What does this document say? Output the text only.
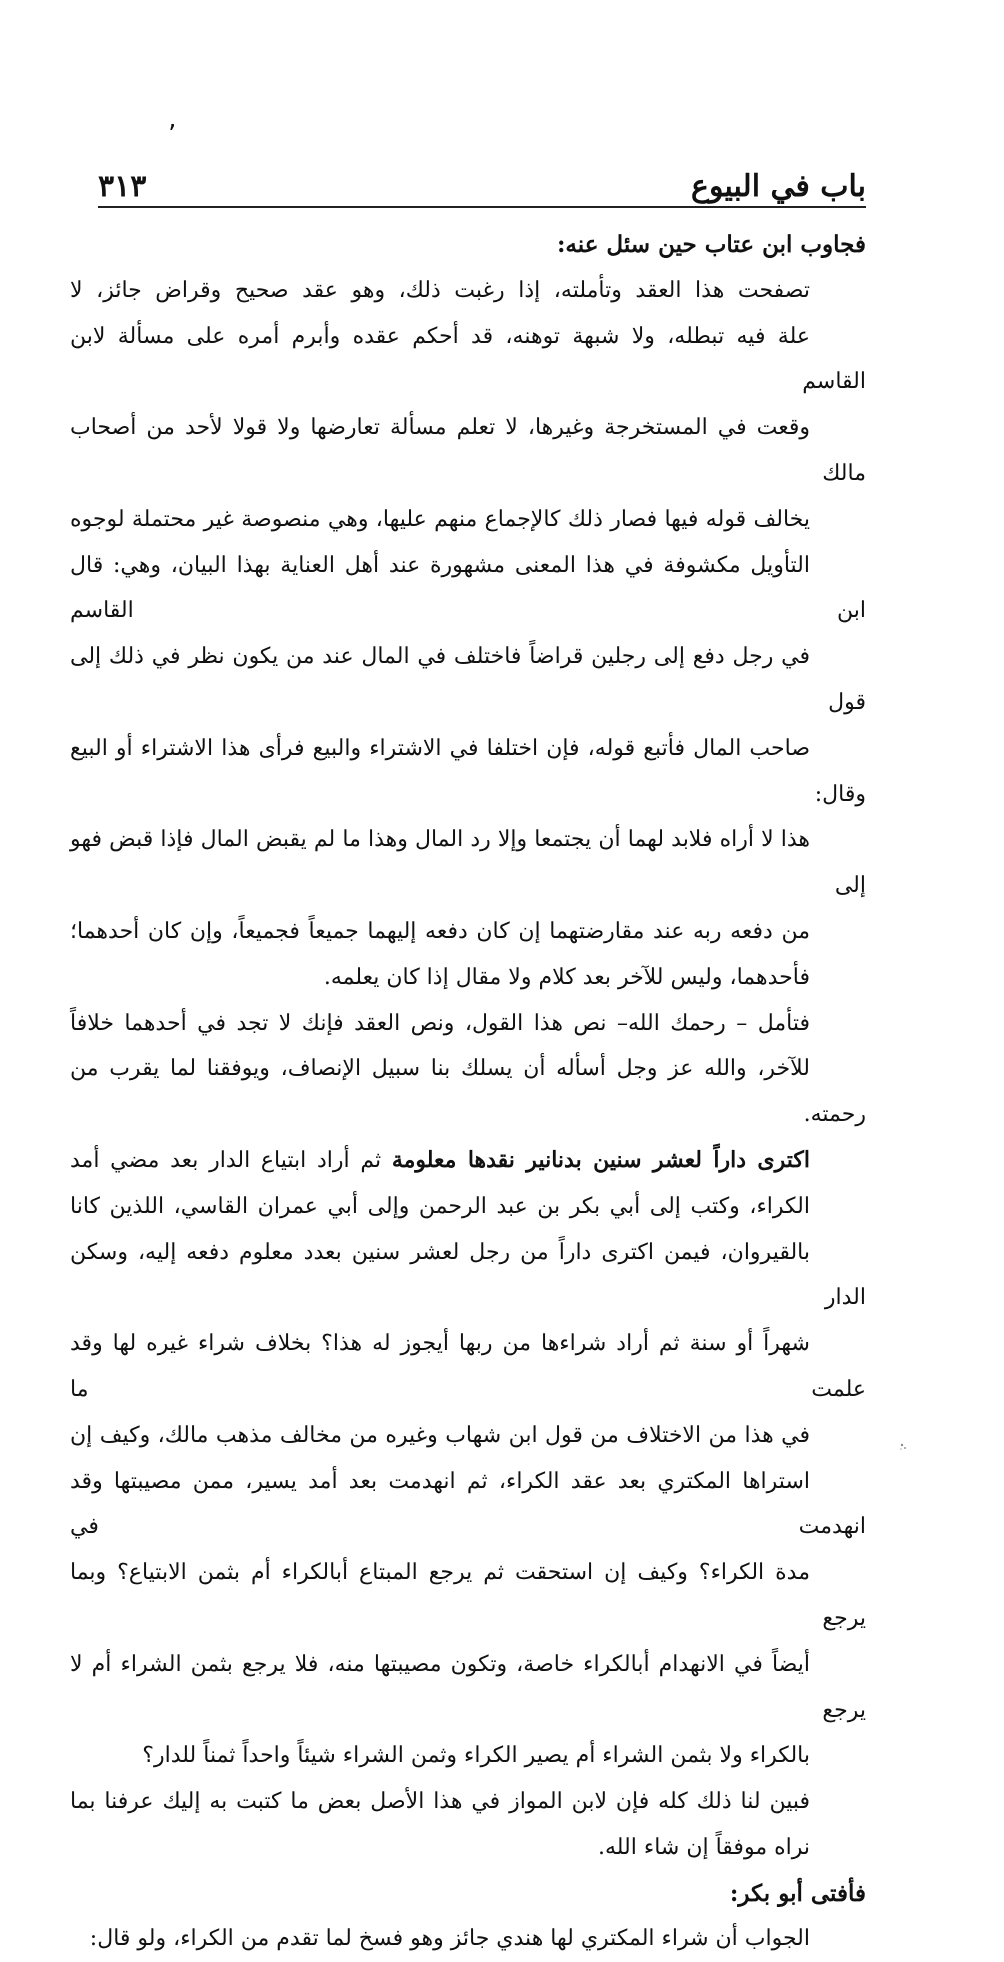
٬
باب في البيوع
٣١٣

فجاوب ابن عتاب حين سئل عنه:

تصفحت هذا العقد وتأملته، إذا رغبت ذلك، وهو عقد صحيح وقراض جائز، لا
علة فيه تبطله، ولا شبهة توهنه، قد أحكم عقده وأبرم أمره على مسألة لابن القاسم
وقعت في المستخرجة وغيرها، لا تعلم مسألة تعارضها ولا قولا لأحد من أصحاب مالك
يخالف قوله فيها فصار ذلك كالإجماع منهم عليها، وهي منصوصة غير محتملة لوجوه
التأويل مكشوفة في هذا المعنى مشهورة عند أهل العناية بهذا البيان، وهي: قال ابن القاسم
في رجل دفع إلى رجلين قراضاً فاختلف في المال عند من يكون نظر في ذلك إلى قول
صاحب المال فأتبع قوله، فإن اختلفا في الاشتراء والبيع فرأى هذا الاشتراء أو البيع وقال:
هذا لا أراه فلابد لهما أن يجتمعا وإلا رد المال وهذا ما لم يقبض المال فإذا قبض فهو إلى
من دفعه ربه عند مقارضتهما إن كان دفعه إليهما جميعاً فجميعاً، وإن كان أحدهما؛
فأحدهما، وليس للآخر بعد كلام ولا مقال إذا كان يعلمه.

فتأمل – رحمك الله– نص هذا القول، ونص العقد فإنك لا تجد في أحدهما خلافاً
للآخر، والله عز وجل أسأله أن يسلك بنا سبيل الإنصاف، ويوفقنا لما يقرب من رحمته.

اكترى داراً لعشر سنين بدنانير نقدها معلومة ثم أراد ابتياع الدار بعد مضي أمد
الكراء، وكتب إلى أبي بكر بن عبد الرحمن وإلى أبي عمران القاسي، اللذين كانا
بالقيروان، فيمن اكترى داراً من رجل لعشر سنين بعدد معلوم دفعه إليه، وسكن الدار
شهراً أو سنة ثم أراد شراءها من ربها أيجوز له هذا؟ بخلاف شراء غيره لها وقد علمت ما
في هذا من الاختلاف من قول ابن شهاب وغيره من مخالف مذهب مالك، وكيف إن
استراها المكتري بعد عقد الكراء، ثم انهدمت بعد أمد يسير، ممن مصيبتها وقد انهدمت في
مدة الكراء؟ وكيف إن استحقت ثم يرجع المبتاع أبالكراء أم بثمن الابتياع؟ وبما يرجع
أيضاً في الانهدام أبالكراء خاصة، وتكون مصيبتها منه، فلا يرجع بثمن الشراء أم لا يرجع
بالكراء ولا بثمن الشراء أم يصير الكراء وثمن الشراء شيئاً واحداً ثمناً للدار؟

فبين لنا ذلك كله فإن لابن المواز في هذا الأصل بعض ما كتبت به إليك عرفنا بما
نراه موفقاً إن شاء الله.

فأفتى أبو بكر:

الجواب أن شراء المكتري لها هندي جائز وهو فسخ لما تقدم من الكراء، ولو قال:
